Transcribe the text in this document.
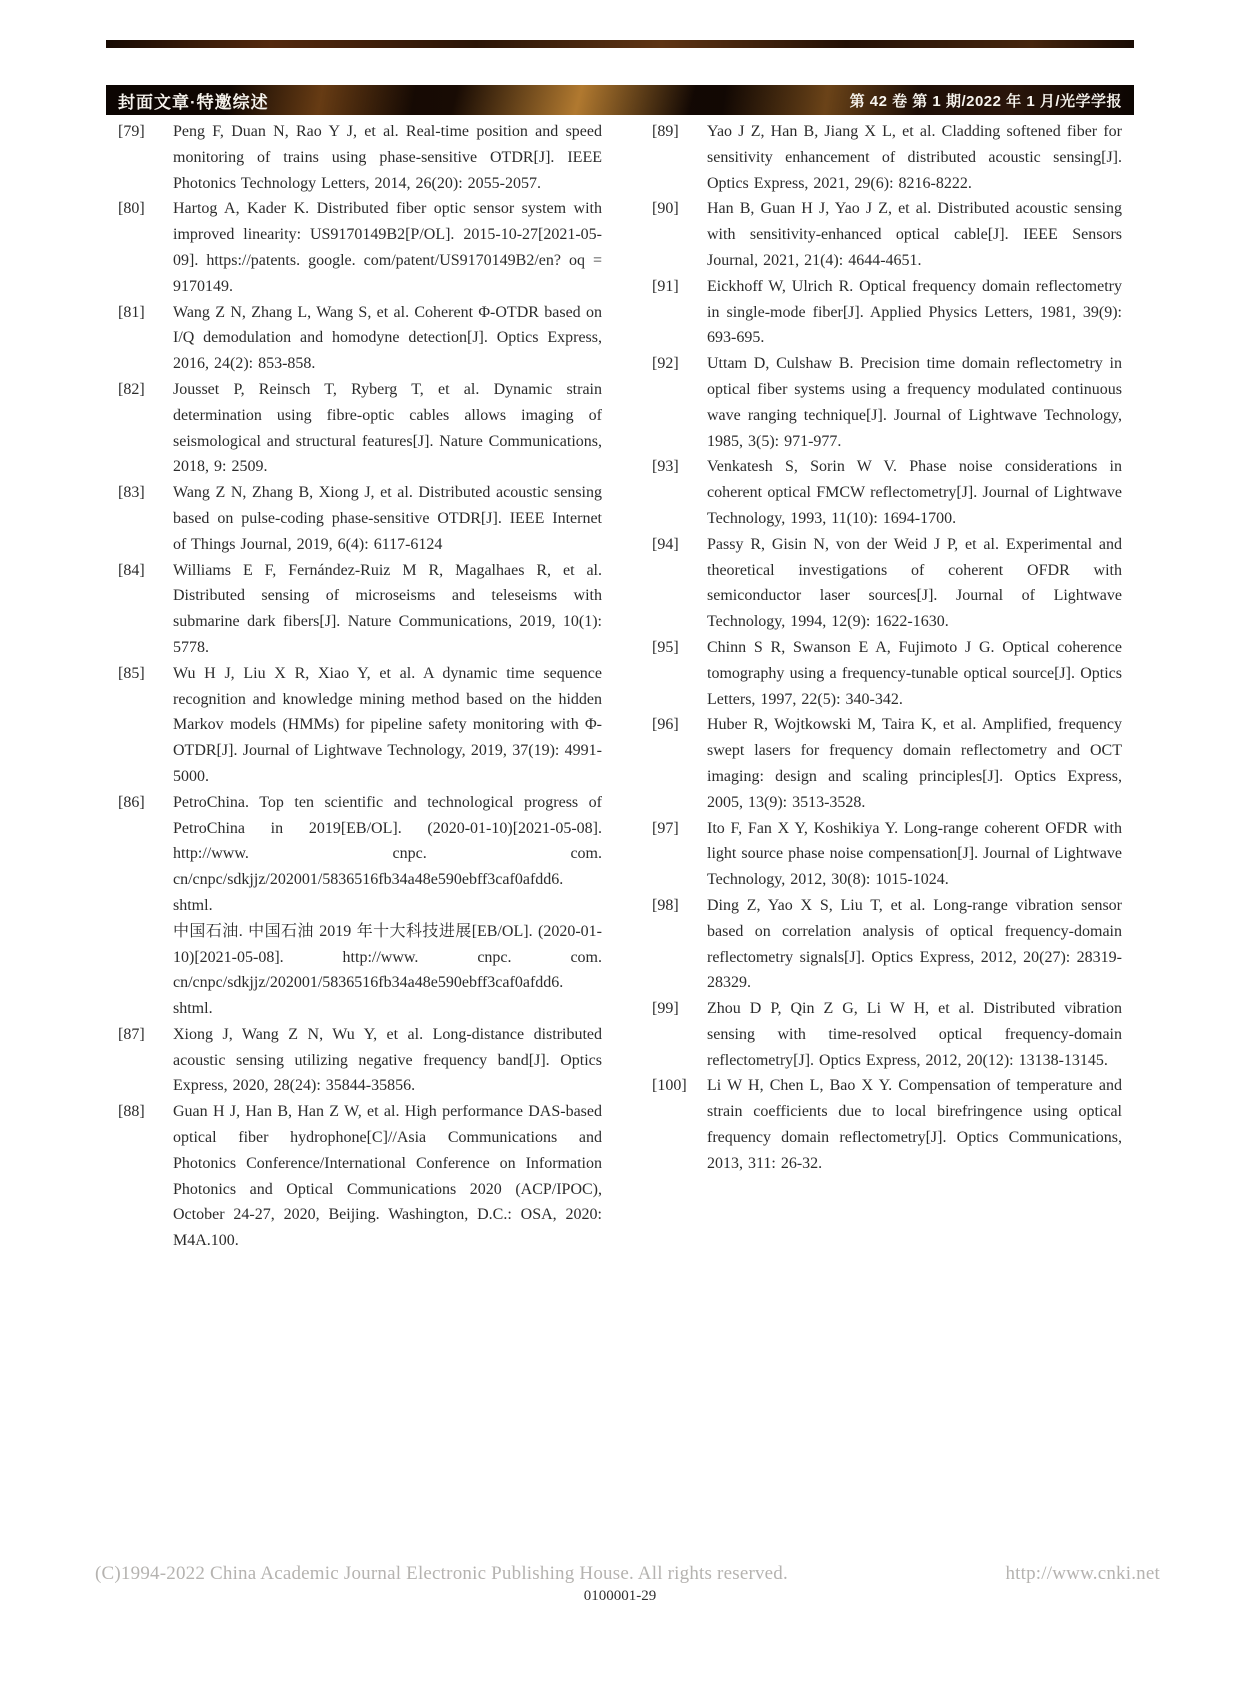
封面文章·特邀综述	第 42 卷 第 1 期/2022 年 1 月/光学学报
[79]	Peng F, Duan N, Rao Y J, et al. Real-time position and speed monitoring of trains using phase-sensitive OTDR[J]. IEEE Photonics Technology Letters, 2014, 26(20): 2055-2057.

[80]	Hartog A, Kader K. Distributed fiber optic sensor system with improved linearity: US9170149B2[P/OL]. 2015-10-27[2021-05-09]. https://patents. google. com/patent/US9170149B2/en? oq = 9170149.

[81]	Wang Z N, Zhang L, Wang S, et al. Coherent Φ-OTDR based on I/Q demodulation and homodyne detection[J]. Optics Express, 2016, 24(2): 853-858.

[82]	Jousset P, Reinsch T, Ryberg T, et al. Dynamic strain determination using fibre-optic cables allows imaging of seismological and structural features[J]. Nature Communications, 2018, 9: 2509.

[83]	Wang Z N, Zhang B, Xiong J, et al. Distributed acoustic sensing based on pulse-coding phase-sensitive OTDR[J]. IEEE Internet of Things Journal, 2019, 6(4): 6117-6124

[84]	Williams E F, Fernández-Ruiz M R, Magalhaes R, et al. Distributed sensing of microseisms and teleseisms with submarine dark fibers[J]. Nature Communications, 2019, 10(1): 5778.

[85]	Wu H J, Liu X R, Xiao Y, et al. A dynamic time sequence recognition and knowledge mining method based on the hidden Markov models (HMMs) for pipeline safety monitoring with Φ-OTDR[J]. Journal of Lightwave Technology, 2019, 37(19): 4991-5000.

[86]	PetroChina. Top ten scientific and technological progress of PetroChina in 2019[EB/OL]. (2020-01-10)[2021-05-08]. http://www. cnpc. com. cn/cnpc/sdkjjz/202001/5836516fb34a48e590ebff3caf0afdd6. shtml.

中国石油. 中国石油 2019 年十大科技进展[EB/OL]. (2020-01-10)[2021-05-08]. http://www. cnpc. com. cn/cnpc/sdkjjz/202001/5836516fb34a48e590ebff3caf0afdd6. shtml.

[87]	Xiong J, Wang Z N, Wu Y, et al. Long-distance distributed acoustic sensing utilizing negative frequency band[J]. Optics Express, 2020, 28(24): 35844-35856.

[88]	Guan H J, Han B, Han Z W, et al. High performance DAS-based optical fiber hydrophone[C]//Asia Communications and Photonics Conference/International Conference on Information Photonics and Optical Communications 2020 (ACP/IPOC), October 24-27, 2020, Beijing. Washington, D.C.: OSA, 2020: M4A.100.

[89]	Yao J Z, Han B, Jiang X L, et al. Cladding softened fiber for sensitivity enhancement of distributed acoustic sensing[J]. Optics Express, 2021, 29(6): 8216-8222.

[90]	Han B, Guan H J, Yao J Z, et al. Distributed acoustic sensing with sensitivity-enhanced optical cable[J]. IEEE Sensors Journal, 2021, 21(4): 4644-4651.

[91]	Eickhoff W, Ulrich R. Optical frequency domain reflectometry in single-mode fiber[J]. Applied Physics Letters, 1981, 39(9): 693-695.

[92]	Uttam D, Culshaw B. Precision time domain reflectometry in optical fiber systems using a frequency modulated continuous wave ranging technique[J]. Journal of Lightwave Technology, 1985, 3(5): 971-977.

[93]	Venkatesh S, Sorin W V. Phase noise considerations in coherent optical FMCW reflectometry[J]. Journal of Lightwave Technology, 1993, 11(10): 1694-1700.

[94]	Passy R, Gisin N, von der Weid J P, et al. Experimental and theoretical investigations of coherent OFDR with semiconductor laser sources[J]. Journal of Lightwave Technology, 1994, 12(9): 1622-1630.

[95]	Chinn S R, Swanson E A, Fujimoto J G. Optical coherence tomography using a frequency-tunable optical source[J]. Optics Letters, 1997, 22(5): 340-342.

[96]	Huber R, Wojtkowski M, Taira K, et al. Amplified, frequency swept lasers for frequency domain reflectometry and OCT imaging: design and scaling principles[J]. Optics Express, 2005, 13(9): 3513-3528.

[97]	Ito F, Fan X Y, Koshikiya Y. Long-range coherent OFDR with light source phase noise compensation[J]. Journal of Lightwave Technology, 2012, 30(8): 1015-1024.

[98]	Ding Z, Yao X S, Liu T, et al. Long-range vibration sensor based on correlation analysis of optical frequency-domain reflectometry signals[J]. Optics Express, 2012, 20(27): 28319-28329.

[99]	Zhou D P, Qin Z G, Li W H, et al. Distributed vibration sensing with time-resolved optical frequency-domain reflectometry[J]. Optics Express, 2012, 20(12): 13138-13145.

[100]	Li W H, Chen L, Bao X Y. Compensation of temperature and strain coefficients due to local birefringence using optical frequency domain reflectometry[J]. Optics Communications, 2013, 311: 26-32.

(C)1994-2022 China Academic Journal Electronic Publishing House. All rights reserved.	http://www.cnki.net
0100001-29
